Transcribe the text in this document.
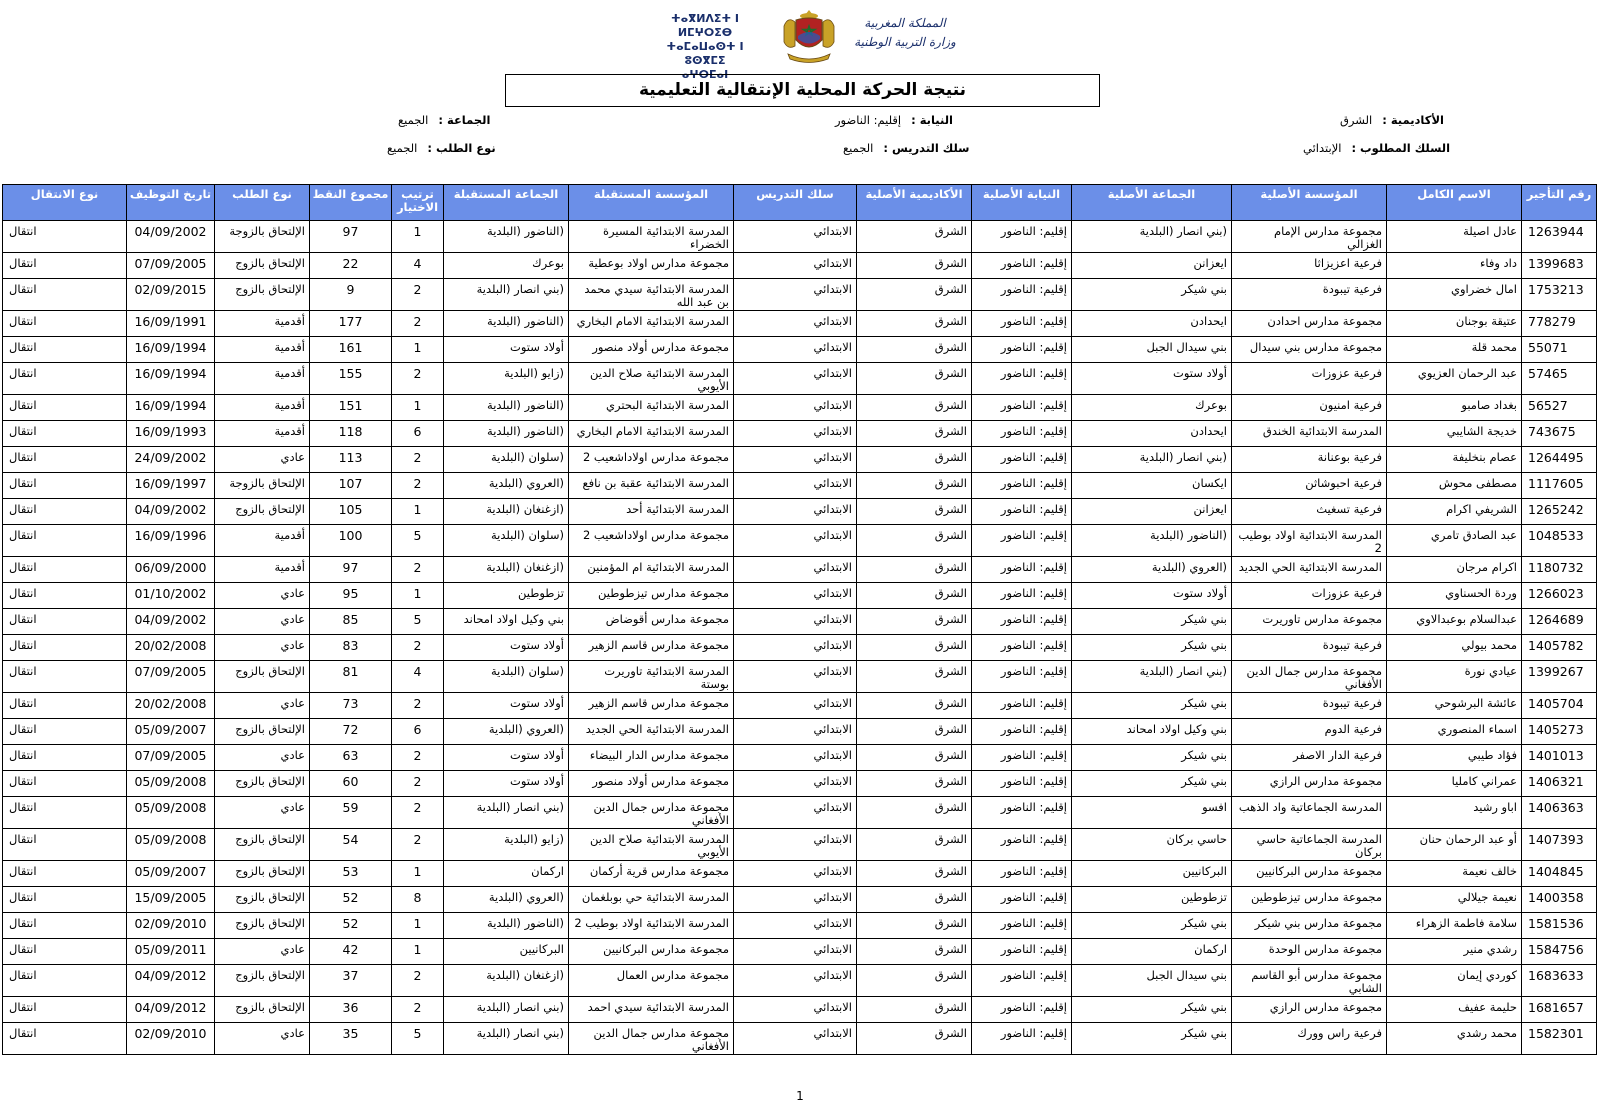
ⵜⴰⴳⵍⴷⵉⵜ ⵏ ⵍⵎⵖⵔⵉⴱ
ⵜⴰⵎⴰⵡⴰⵙⵜ ⵏ ⵓⵙⴳⵎⵉ
ⴰⵖⵔⵎⴰⵏ
المملكة المغربية
وزارة التربية الوطنية
نتيجة الحركة المحلية الإنتقالية التعليمية
الأكاديمية :الشرق
النيابة :إقليم: الناضور
الجماعة :الجميع
السلك المطلوب :الإبتدائي
سلك التدريس :الجميع
نوع الطلب :الجميع
رقم التأجير	الاسم الكامل	المؤسسة الأصلية	الجماعة الأصلية	النيابة الأصلية	الأكاديمية الأصلية	سلك التدريس	المؤسسة المستقبلة	الجماعة المستقبلة	ترتيب الاختيار	مجموع النقط	نوع الطلب	تاريخ التوظيف	نوع الانتقال
1263944	عادل اصيلة	مجموعة مدارس الإمام الغزالي	(بني انصار (البلدية	إقليم: الناضور	الشرق	الابتدائي	المدرسة الابتدائية المسيرة الخضراء	(الناضور (البلدية	1	97	الإلتحاق بالزوجة	04/09/2002	انتقال
1399683	داد وفاء	فرعية اعزيزاثا	ايعزانن	إقليم: الناضور	الشرق	الابتدائي	مجموعة مدارس اولاد بوعطية	بوعرك	4	22	الإلتحاق بالزوج	07/09/2005	انتقال
1753213	امال خضراوي	فرعية تيبودة	بني شيكر	إقليم: الناضور	الشرق	الابتدائي	المدرسة الابتدائية سيدي محمد بن عبد الله	(بني انصار (البلدية	2	9	الإلتحاق بالزوج	02/09/2015	انتقال
778279	عتيقة بوجنان	مجموعة مدارس احدادن	ايحدادن	إقليم: الناضور	الشرق	الابتدائي	المدرسة الابتدائية الامام البخاري	(الناضور (البلدية	2	177	أقدمية	16/09/1991	انتقال
55071	محمد قلة	مجموعة مدارس بني سيدال	بني سيدال الجبل	إقليم: الناضور	الشرق	الابتدائي	مجموعة مدارس أولاد منصور	أولاد ستوت	1	161	أقدمية	16/09/1994	انتقال
57465	عبد الرحمان العزيوي	فرعية عزوزات	أولاد ستوت	إقليم: الناضور	الشرق	الابتدائي	المدرسة الابتدائية صلاح الدين الأيوبي	(زايو (البلدية	2	155	أقدمية	16/09/1994	انتقال
56527	بغداد صامبو	فرعية امنيون	بوعرك	إقليم: الناضور	الشرق	الابتدائي	المدرسة الابتدائية البحتري	(الناضور (البلدية	1	151	أقدمية	16/09/1994	انتقال
743675	خديجة الشايبي	المدرسة الابتدائية الخندق	ايحدادن	إقليم: الناضور	الشرق	الابتدائي	المدرسة الابتدائية الامام البخاري	(الناضور (البلدية	6	118	أقدمية	16/09/1993	انتقال
1264495	عصام بنخليفة	فرعية بوعنانة	(بني انصار (البلدية	إقليم: الناضور	الشرق	الابتدائي	مجموعة مدارس اولاداشعيب 2	(سلوان (البلدية	2	113	عادي	24/09/2002	انتقال
1117605	مصطفى محوش	فرعية احبوشاثن	ايكسان	إقليم: الناضور	الشرق	الابتدائي	المدرسة الابتدائية عقبة بن نافع	(العروي (البلدية	2	107	الإلتحاق بالزوجة	16/09/1997	انتقال
1265242	الشريفي اكرام	فرعية تسغيث	ايعزانن	إقليم: الناضور	الشرق	الابتدائي	المدرسة الابتدائية أحد	(ازغنغان (البلدية	1	105	الإلتحاق بالزوج	04/09/2002	انتقال
1048533	عبد الصادق تامري	المدرسة الابتدائية اولاد بوطيب 2	(الناضور (البلدية	إقليم: الناضور	الشرق	الابتدائي	مجموعة مدارس اولاداشعيب 2	(سلوان (البلدية	5	100	أقدمية	16/09/1996	انتقال
1180732	اكرام مرجان	المدرسة الابتدائية الحي الجديد	(العروي (البلدية	إقليم: الناضور	الشرق	الابتدائي	المدرسة الابتدائية ام المؤمنين	(ازغنغان (البلدية	2	97	أقدمية	06/09/2000	انتقال
1266023	وردة الحسناوي	فرعية عزوزات	أولاد ستوت	إقليم: الناضور	الشرق	الابتدائي	مجموعة مدارس تيزطوطين	تزطوطين	1	95	عادي	01/10/2002	انتقال
1264689	عبدالسلام بوعبدالاوي	مجموعة مدارس تاوريرت	بني شيكر	إقليم: الناضور	الشرق	الابتدائي	مجموعة مدارس أقوضاض	بني وكيل اولاد امحاند	5	85	عادي	04/09/2002	انتقال
1405782	محمد بيولي	فرعية تيبودة	بني شيكر	إقليم: الناضور	الشرق	الابتدائي	مجموعة مدارس قاسم الزهير	أولاد ستوت	2	83	عادي	20/02/2008	انتقال
1399267	عيادي نورة	مجموعة مدارس جمال الدين الأفغاني	(بني انصار (البلدية	إقليم: الناضور	الشرق	الابتدائي	المدرسة الابتدائية تاوريرت بوستة	(سلوان (البلدية	4	81	الإلتحاق بالزوج	07/09/2005	انتقال
1405704	عائشة البرشوحي	فرعية تيبودة	بني شيكر	إقليم: الناضور	الشرق	الابتدائي	مجموعة مدارس قاسم الزهير	أولاد ستوت	2	73	عادي	20/02/2008	انتقال
1405273	اسماء المنصوري	فرعية الدوم	بني وكيل اولاد امحاند	إقليم: الناضور	الشرق	الابتدائي	المدرسة الابتدائية الحي الجديد	(العروي (البلدية	6	72	الإلتحاق بالزوج	05/09/2007	انتقال
1401013	فؤاد طيبي	فرعية الدار الاصفر	بني شيكر	إقليم: الناضور	الشرق	الابتدائي	مجموعة مدارس الدار البيضاء	أولاد ستوت	2	63	عادي	07/09/2005	انتقال
1406321	عمراني كامليا	مجموعة مدارس الرازي	بني شيكر	إقليم: الناضور	الشرق	الابتدائي	مجموعة مدارس أولاد منصور	أولاد ستوت	2	60	الإلتحاق بالزوج	05/09/2008	انتقال
1406363	اباو رشيد	المدرسة الجماعاتية واد الذهب	افسو	إقليم: الناضور	الشرق	الابتدائي	مجموعة مدارس جمال الدين الأفغاني	(بني انصار (البلدية	2	59	عادي	05/09/2008	انتقال
1407393	أو عبد الرحمان حنان	المدرسة الجماعاتية حاسي بركان	حاسي بركان	إقليم: الناضور	الشرق	الابتدائي	المدرسة الابتدائية صلاح الدين الأيوبي	(زايو (البلدية	2	54	الإلتحاق بالزوج	05/09/2008	انتقال
1404845	خالف نعيمة	مجموعة مدارس البركانيين	البركانيين	إقليم: الناضور	الشرق	الابتدائي	مجموعة مدارس قرية أركمان	اركمان	1	53	الإلتحاق بالزوج	05/09/2007	انتقال
1400358	نعيمة جيلالي	مجموعة مدارس تيزطوطين	تزطوطين	إقليم: الناضور	الشرق	الابتدائي	المدرسة الابتدائية حي بوبلغمان	(العروي (البلدية	8	52	الإلتحاق بالزوج	15/09/2005	انتقال
1581536	سلامة فاطمة الزهراء	مجموعة مدارس بني شيكر	بني شيكر	إقليم: الناضور	الشرق	الابتدائي	المدرسة الابتدائية اولاد بوطيب 2	(الناضور (البلدية	1	52	الإلتحاق بالزوج	02/09/2010	انتقال
1584756	رشدي منير	مجموعة مدارس الوحدة	اركمان	إقليم: الناضور	الشرق	الابتدائي	مجموعة مدارس البركانيين	البركانيين	1	42	عادي	05/09/2011	انتقال
1683633	كوردي إيمان	مجموعة مدارس أبو القاسم الشابي	بني سيدال الجبل	إقليم: الناضور	الشرق	الابتدائي	مجموعة مدارس العمال	(ازغنغان (البلدية	2	37	الإلتحاق بالزوج	04/09/2012	انتقال
1681657	حليمة عفيف	مجموعة مدارس الرازي	بني شيكر	إقليم: الناضور	الشرق	الابتدائي	المدرسة الابتدائية سيدي احمد	(بني انصار (البلدية	2	36	الإلتحاق بالزوج	04/09/2012	انتقال
1582301	محمد رشدي	فرعية راس وورك	بني شيكر	إقليم: الناضور	الشرق	الابتدائي	مجموعة مدارس جمال الدين الأفغاني	(بني انصار (البلدية	5	35	عادي	02/09/2010	انتقال
1
